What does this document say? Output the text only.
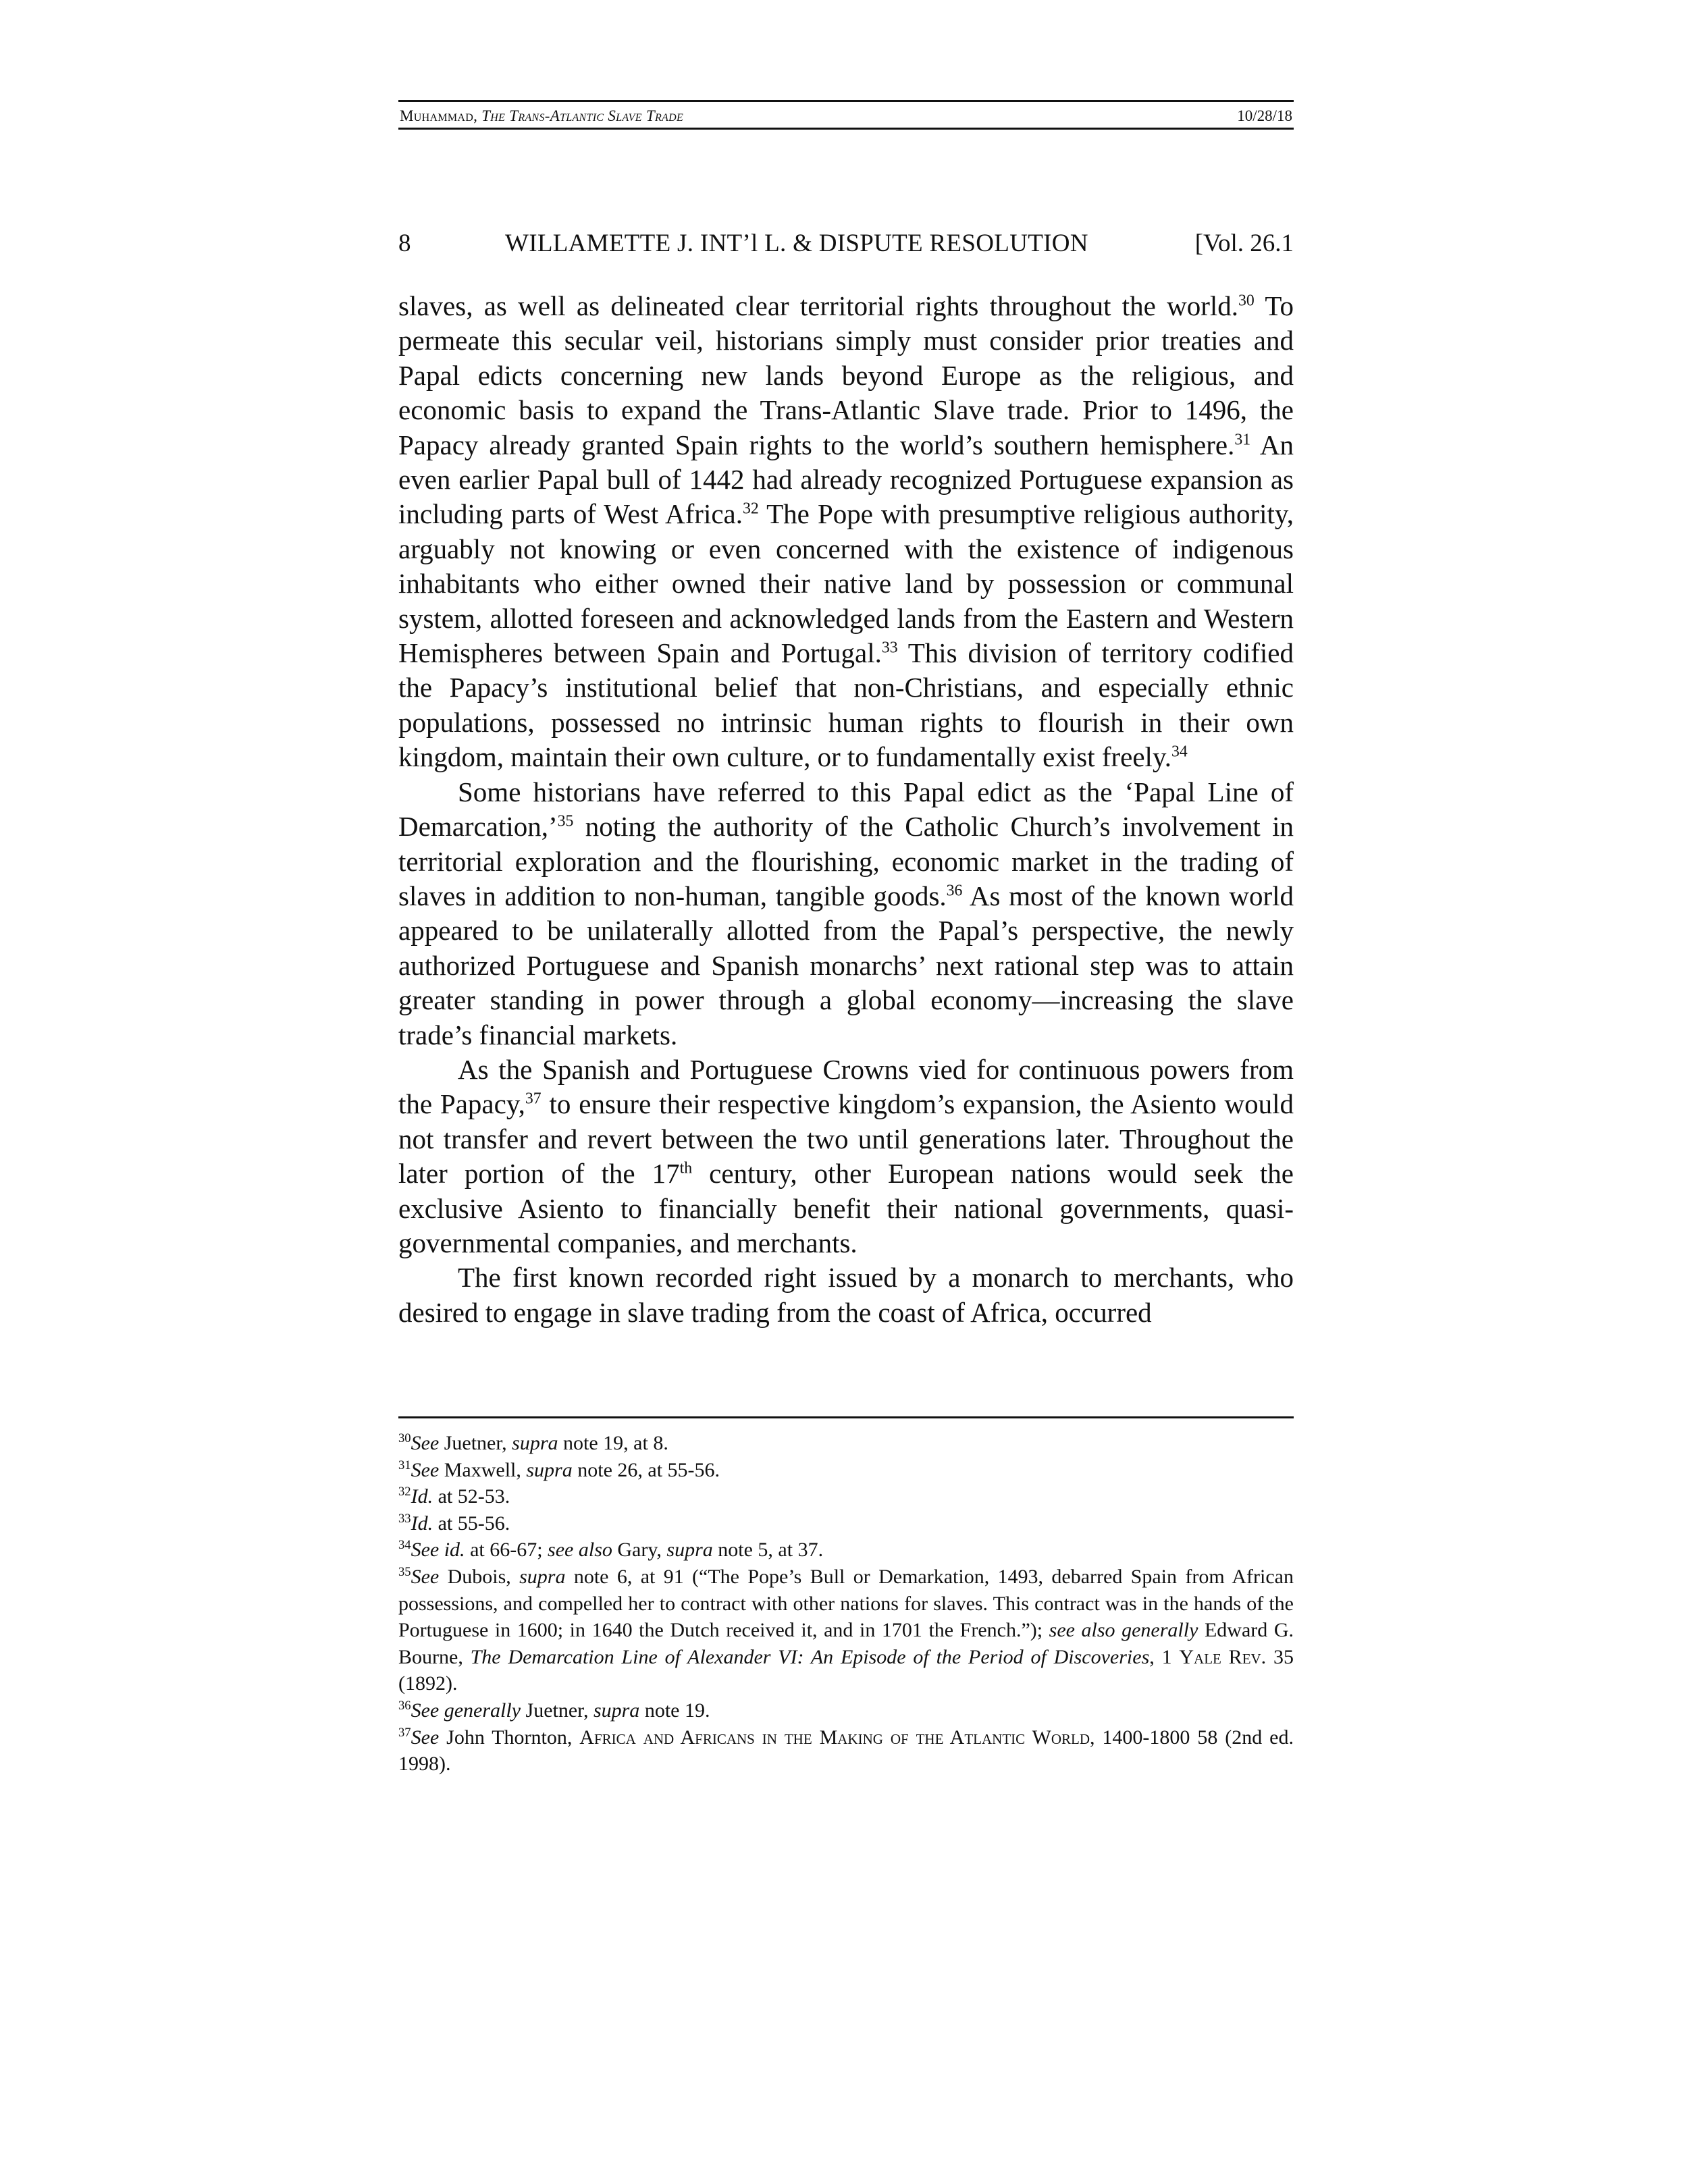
Muhammad, The Trans-Atlantic Slave Trade	10/28/18
8	WILLAMETTE J. INT’l L. & DISPUTE RESOLUTION	[Vol. 26.1

slaves, as well as delineated clear territorial rights throughout the world.$^{30}$ To permeate this secular veil, historians simply must consider prior treaties and Papal edicts concerning new lands beyond Europe as the religious, and economic basis to expand the Trans-Atlantic Slave trade. Prior to 1496, the Papacy already granted Spain rights to the world’s southern hemisphere.$^{31}$ An even earlier Papal bull of 1442 had already recognized Portuguese expansion as including parts of West Africa.$^{32}$ The Pope with presumptive religious authority, arguably not knowing or even concerned with the existence of indigenous inhabitants who either owned their native land by possession or communal system, allotted foreseen and acknowledged lands from the Eastern and Western Hemispheres between Spain and Portugal.$^{33}$ This division of territory codified the Papacy’s institutional belief that non-Christians, and especially ethnic populations, possessed no intrinsic human rights to flourish in their own kingdom, maintain their own culture, or to fundamentally exist freely.$^{34}$

Some historians have referred to this Papal edict as the ‘Papal Line of Demarcation,’$^{35}$ noting the authority of the Catholic Church’s involvement in territorial exploration and the flourishing, economic market in the trading of slaves in addition to non-human, tangible goods.$^{36}$ As most of the known world appeared to be unilaterally allotted from the Papal’s perspective, the newly authorized Portuguese and Spanish monarchs’ next rational step was to attain greater standing in power through a global economy—increasing the slave trade’s financial markets.

As the Spanish and Portuguese Crowns vied for continuous powers from the Papacy,$^{37}$ to ensure their respective kingdom’s expansion, the Asiento would not transfer and revert between the two until generations later. Throughout the later portion of the 17th century, other European nations would seek the exclusive Asiento to financially benefit their national governments, quasi-governmental companies, and merchants.

The first known recorded right issued by a monarch to merchants, who desired to engage in slave trading from the coast of Africa, occurred

$^{30}$See Juetner, supra note 19, at 8.

$^{31}$See Maxwell, supra note 26, at 55-56.

$^{32}$Id. at 52-53.

$^{33}$Id. at 55-56.

$^{34}$See id. at 66-67; see also Gary, supra note 5, at 37.

$^{35}$See Dubois, supra note 6, at 91 (“The Pope’s Bull or Demarkation, 1493, debarred Spain from African possessions, and compelled her to contract with other nations for slaves. This contract was in the hands of the Portuguese in 1600; in 1640 the Dutch received it, and in 1701 the French.”); see also generally Edward G. Bourne, The Demarcation Line of Alexander VI: An Episode of the Period of Discoveries, 1 Yale Rev. 35 (1892).

$^{36}$See generally Juetner, supra note 19.

$^{37}$See John Thornton, Africa and Africans in the Making of the Atlantic World, 1400-1800 58 (2nd ed. 1998).
